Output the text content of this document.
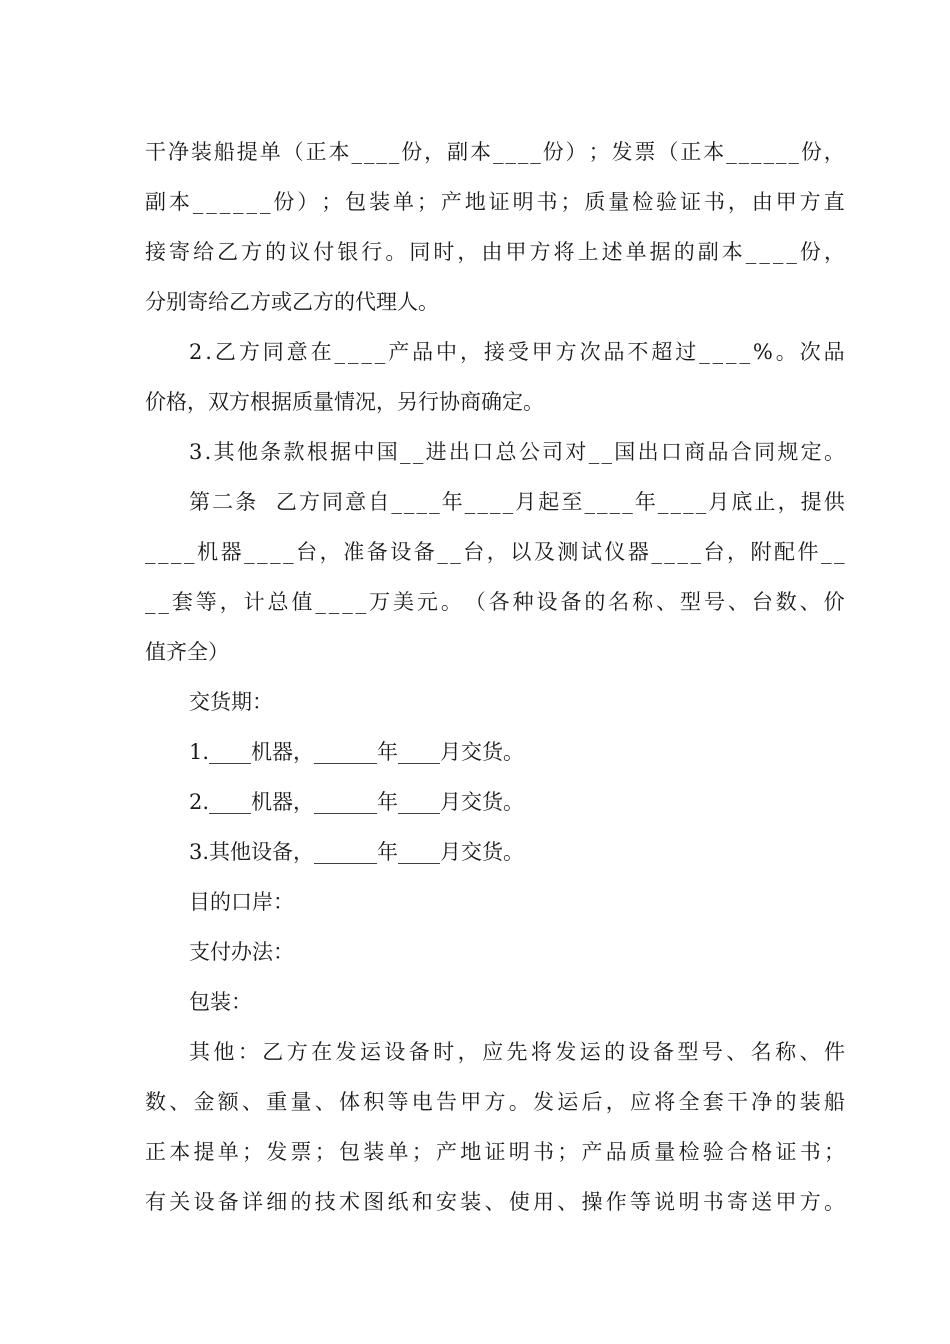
干 净 装 船 提 单 （ 正 本 _ _ _ _ 份 ， 副 本 _ _ _ _ 份 ） ； 发 票 （ 正 本 _ _ _ _ _ _ 份 ，
副 本 _ _ _ _ _ _ 份 ） ； 包 装 单 ； 产 地 证 明 书 ； 质 量 检 验 证 书 ， 由 甲 方 直
接 寄 给 乙 方 的 议 付 银 行 。 同 时 ， 由 甲 方 将 上 述 单 据 的 副 本 _ _ _ _ 份 ，
分别寄给乙方或乙方的代理人。
2 . 乙 方 同 意 在 _ _ _ _ 产 品 中 ， 接 受 甲 方 次 品 不 超 过 _ _ _ _ % 。 次 品
价格，双方根据质量情况，另行协商确定。
3 . 其 他 条 款 根 据 中 国 _ _ 进 出 口 总 公 司 对 _ _ 国 出 口 商 品 合 同 规 定 。
第 二 条

乙 方 同 意 自 _ _ _ _ 年 _ _ _ _ 月 起 至 _ _ _ _ 年 _ _ _ _ 月 底 止 ， 提 供
_ _ _ _ 机 器 _ _ _ _ 台 ， 准 备 设 备 _ _ 台 ， 以 及 测 试 仪 器 _ _ _ _ 台 ， 附 配 件 _ _
_ _ 套 等 ， 计 总 值 _ _ _ _ 万 美 元 。 （ 各 种 设 备 的 名 称 、 型 号 、 台 数 、 价
值齐全）
交货期：
1.____机器，______年____月交货。
2.____机器，______年____月交货。
3.其他设备，______年____月交货。
目的口岸：
支付办法：
包装：
其 他 ： 乙 方 在 发 运 设 备 时 ， 应 先 将 发 运 的 设 备 型 号 、 名 称 、 件
数 、 金 额 、 重 量 、 体 积 等 电 告 甲 方 。 发 运 后 ， 应 将 全 套 干 净 的 装 船
正 本 提 单 ； 发 票 ； 包 装 单 ； 产 地 证 明 书 ； 产 品 质 量 检 验 合 格 证 书 ；
有 关 设 备 详 细 的 技 术 图 纸 和 安 装 、 使 用 、 操 作 等 说 明 书 寄 送 甲 方 。
